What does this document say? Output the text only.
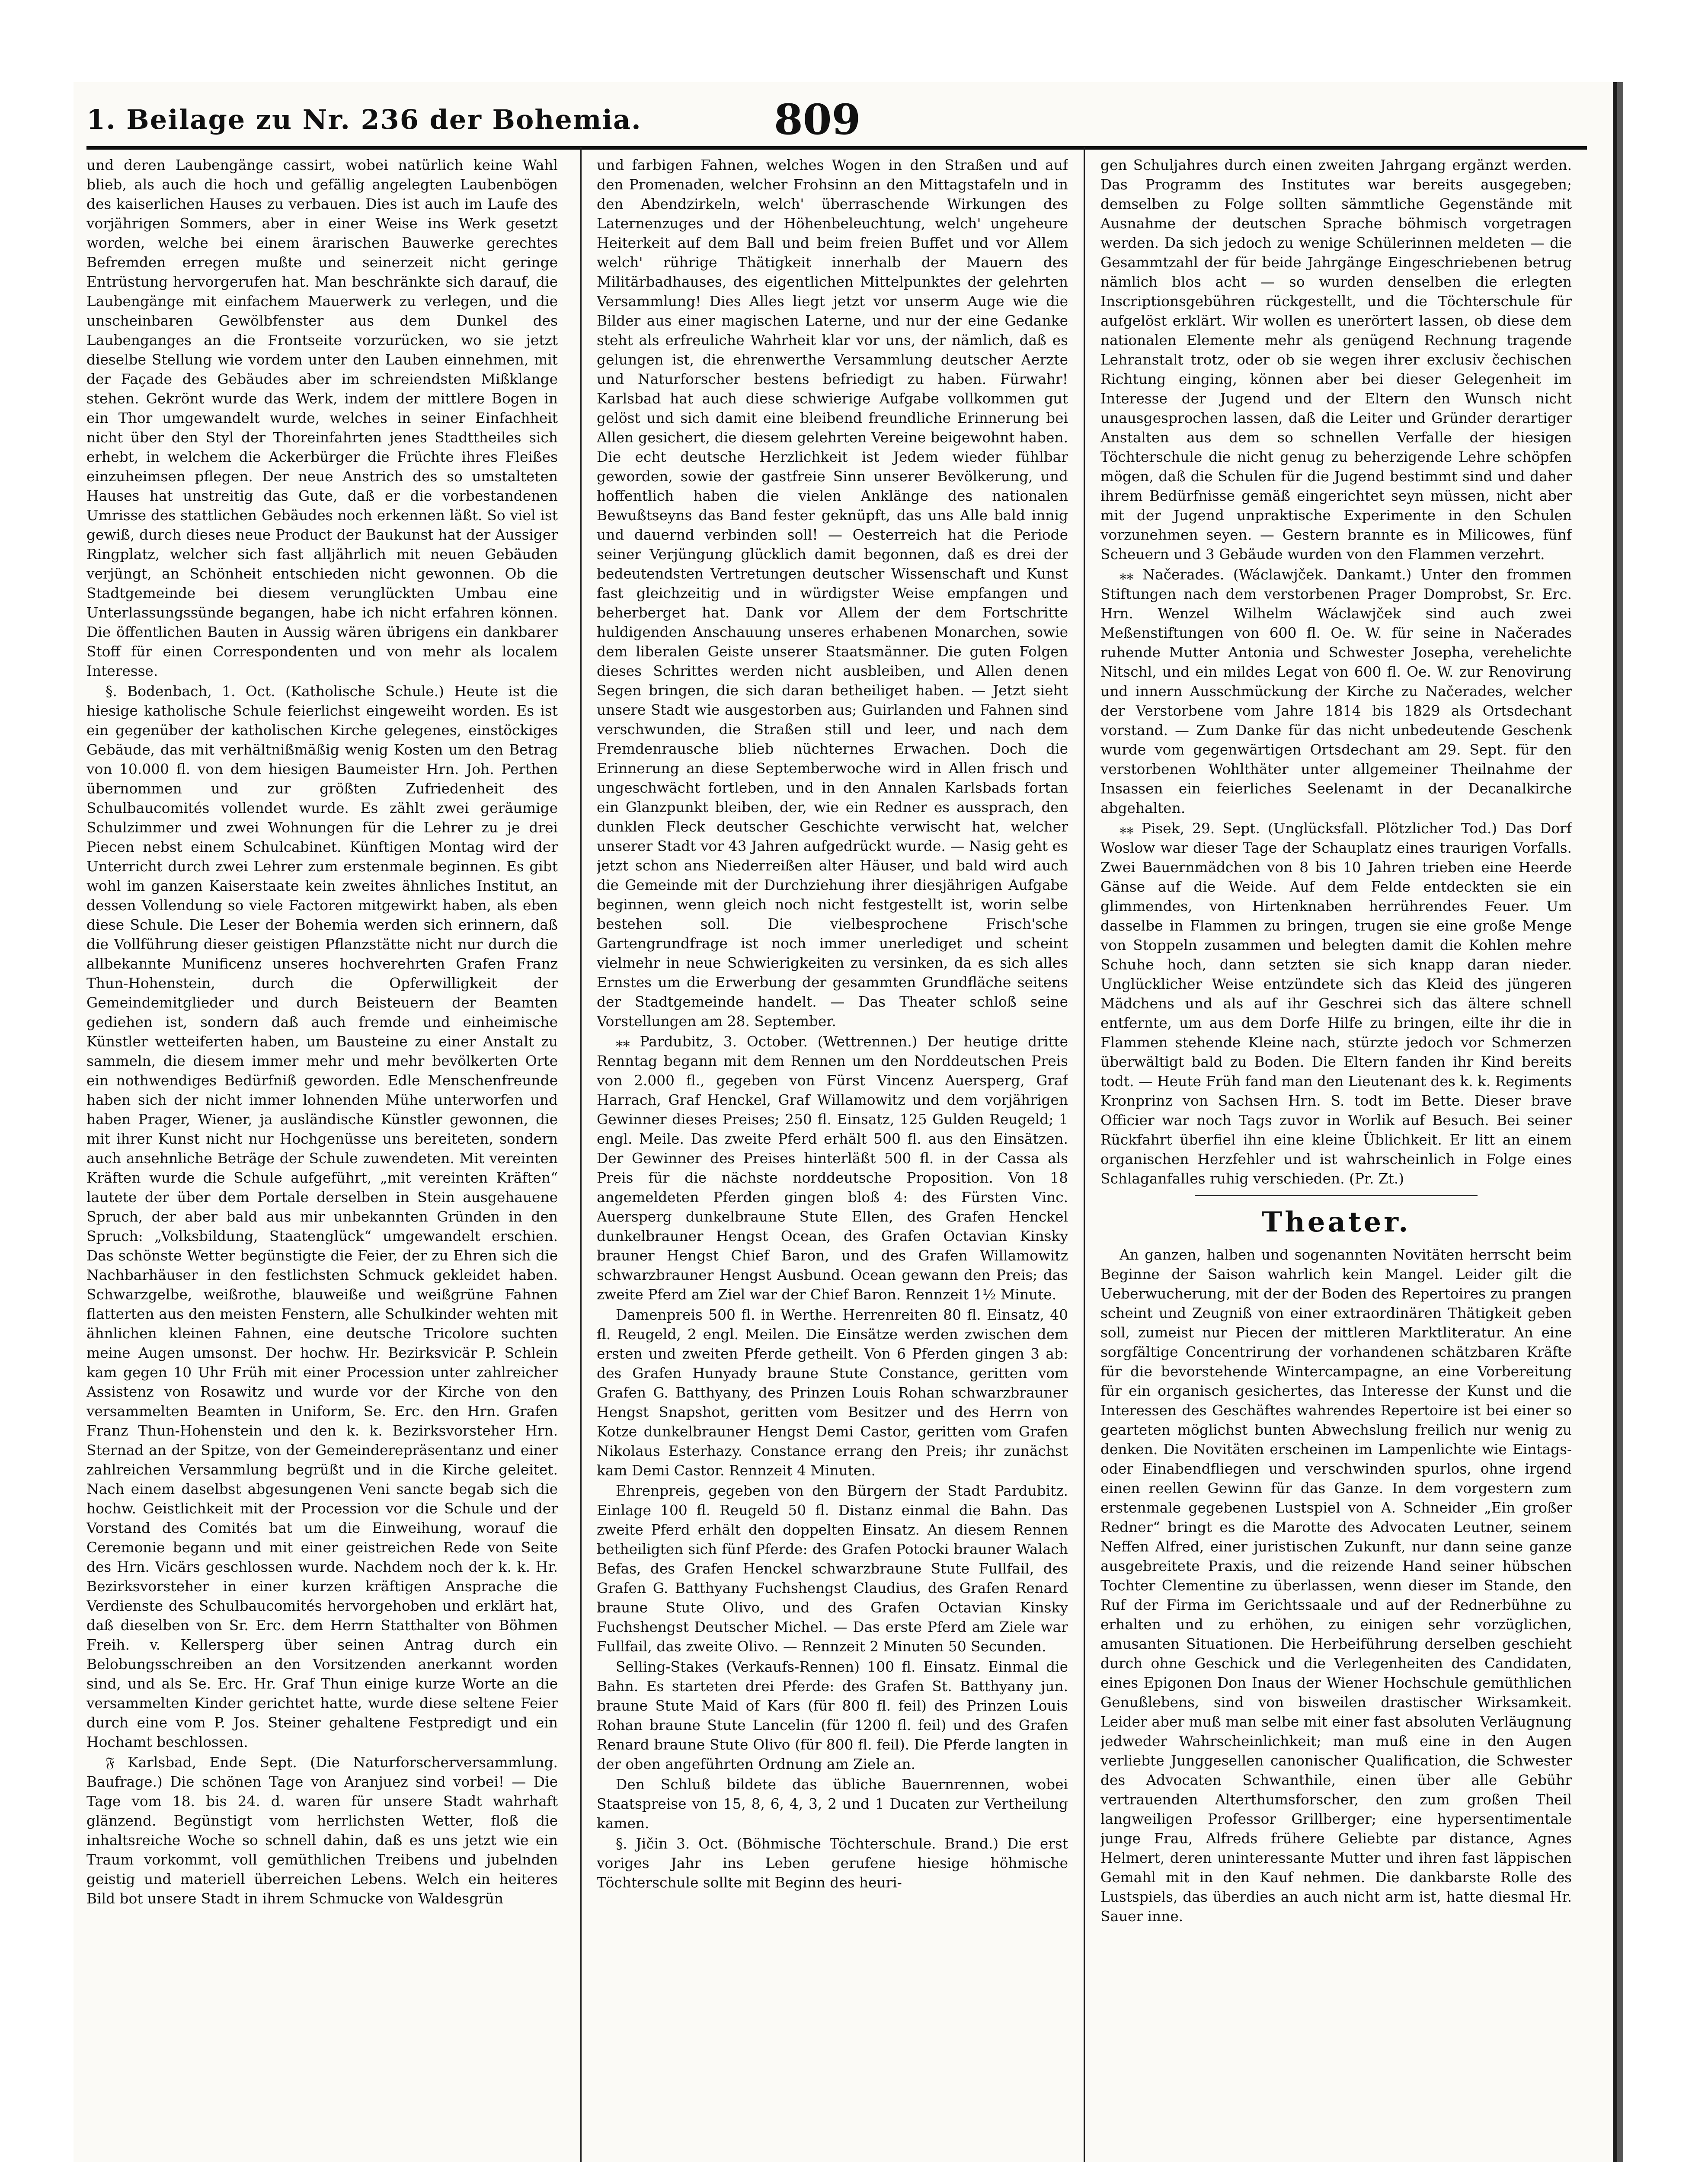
1. Beilage zu Nr. 236 der Bohemia.	809

und deren Laubengänge cassirt, wobei natürlich keine Wahl blieb, als auch die hoch und gefällig angelegten Laubenbögen des kaiserlichen Hauses zu verbauen. Dies ist auch im Laufe des vorjährigen Sommers, aber in einer Weise ins Werk gesetzt worden, welche bei einem ärarischen Bauwerke gerechtes Befremden erregen mußte und seinerzeit nicht geringe Entrüstung hervorgerufen hat. Man beschränkte sich darauf, die Laubengänge mit einfachem Mauerwerk zu verlegen, und die unscheinbaren Gewölbfenster aus dem Dunkel des Laubenganges an die Frontseite vorzurücken, wo sie jetzt dieselbe Stellung wie vordem unter den Lauben einnehmen, mit der Façade des Gebäudes aber im schreiendsten Mißklange stehen. Gekrönt wurde das Werk, indem der mittlere Bogen in ein Thor umgewandelt wurde, welches in seiner Einfachheit nicht über den Styl der Thoreinfahrten jenes Stadttheiles sich erhebt, in welchem die Ackerbürger die Früchte ihres Fleißes einzuheimsen pflegen. Der neue Anstrich des so umstalteten Hauses hat unstreitig das Gute, daß er die vorbestandenen Umrisse des stattlichen Gebäudes noch erkennen läßt. So viel ist gewiß, durch dieses neue Product der Baukunst hat der Aussiger Ringplatz, welcher sich fast alljährlich mit neuen Gebäuden verjüngt, an Schönheit entschieden nicht gewonnen. Ob die Stadtgemeinde bei diesem verunglückten Umbau eine Unterlassungssünde begangen, habe ich nicht erfahren können. Die öffentlichen Bauten in Aussig wären übrigens ein dankbarer Stoff für einen Correspondenten und von mehr als localem Interesse.

§. Bodenbach, 1. Oct. (Katholische Schule.) Heute ist die hiesige katholische Schule feierlichst eingeweiht worden. Es ist ein gegenüber der katholischen Kirche gelegenes, einstöckiges Gebäude, das mit verhältnißmäßig wenig Kosten um den Betrag von 10.000 fl. von dem hiesigen Baumeister Hrn. Joh. Perthen übernommen und zur größten Zufriedenheit des Schulbaucomités vollendet wurde. Es zählt zwei geräumige Schulzimmer und zwei Wohnungen für die Lehrer zu je drei Piecen nebst einem Schulcabinet. Künftigen Montag wird der Unterricht durch zwei Lehrer zum erstenmale beginnen. Es gibt wohl im ganzen Kaiserstaate kein zweites ähnliches Institut, an dessen Vollendung so viele Factoren mitgewirkt haben, als eben diese Schule. Die Leser der Bohemia werden sich erinnern, daß die Vollführung dieser geistigen Pflanzstätte nicht nur durch die allbekannte Munificenz unseres hochverehrten Grafen Franz Thun-Hohenstein, durch die Opferwilligkeit der Gemeindemitglieder und durch Beisteuern der Beamten gediehen ist, sondern daß auch fremde und einheimische Künstler wetteiferten haben, um Bausteine zu einer Anstalt zu sammeln, die diesem immer mehr und mehr bevölkerten Orte ein nothwendiges Bedürfniß geworden. Edle Menschenfreunde haben sich der nicht immer lohnenden Mühe unterworfen und haben Prager, Wiener, ja ausländische Künstler gewonnen, die mit ihrer Kunst nicht nur Hochgenüsse uns bereiteten, sondern auch ansehnliche Beträge der Schule zuwendeten. Mit vereinten Kräften wurde die Schule aufgeführt, „mit vereinten Kräften“ lautete der über dem Portale derselben in Stein ausgehauene Spruch, der aber bald aus mir unbekannten Gründen in den Spruch: „Volksbildung, Staatenglück“ umgewandelt erschien. Das schönste Wetter begünstigte die Feier, der zu Ehren sich die Nachbarhäuser in den festlichsten Schmuck gekleidet haben. Schwarzgelbe, weißrothe, blauweiße und weißgrüne Fahnen flatterten aus den meisten Fenstern, alle Schulkinder wehten mit ähnlichen kleinen Fahnen, eine deutsche Tricolore suchten meine Augen umsonst. Der hochw. Hr. Bezirksvicär P. Schlein kam gegen 10 Uhr Früh mit einer Procession unter zahlreicher Assistenz von Rosawitz und wurde vor der Kirche von den versammelten Beamten in Uniform, Se. Erc. den Hrn. Grafen Franz Thun-Hohenstein und den k. k. Bezirksvorsteher Hrn. Sternad an der Spitze, von der Gemeinderepräsentanz und einer zahlreichen Versammlung begrüßt und in die Kirche geleitet. Nach einem daselbst abgesungenen Veni sancte begab sich die hochw. Geistlichkeit mit der Procession vor die Schule und der Vorstand des Comités bat um die Einweihung, worauf die Ceremonie begann und mit einer geistreichen Rede von Seite des Hrn. Vicärs geschlossen wurde. Nachdem noch der k. k. Hr. Bezirksvorsteher in einer kurzen kräftigen Ansprache die Verdienste des Schulbaucomités hervorgehoben und erklärt hat, daß dieselben von Sr. Erc. dem Herrn Statthalter von Böhmen Freih. v. Kellersperg über seinen Antrag durch ein Belobungsschreiben an den Vorsitzenden anerkannt worden sind, und als Se. Erc. Hr. Graf Thun einige kurze Worte an die versammelten Kinder gerichtet hatte, wurde diese seltene Feier durch eine vom P. Jos. Steiner gehaltene Festpredigt und ein Hochamt beschlossen.

𝔉 Karlsbad, Ende Sept. (Die Naturforscherversammlung. Baufrage.) Die schönen Tage von Aranjuez sind vorbei! — Die Tage vom 18. bis 24. d. waren für unsere Stadt wahrhaft glänzend. Begünstigt vom herrlichsten Wetter, floß die inhaltsreiche Woche so schnell dahin, daß es uns jetzt wie ein Traum vorkommt, voll gemüthlichen Treibens und jubelnden geistig und materiell überreichen Lebens. Welch ein heiteres Bild bot unsere Stadt in ihrem Schmucke von Waldesgrün

und farbigen Fahnen, welches Wogen in den Straßen und auf den Promenaden, welcher Frohsinn an den Mittagstafeln und in den Abendzirkeln, welch' überraschende Wirkungen des Laternenzuges und der Höhenbeleuchtung, welch' ungeheure Heiterkeit auf dem Ball und beim freien Buffet und vor Allem welch' rührige Thätigkeit innerhalb der Mauern des Militärbadhauses, des eigentlichen Mittelpunktes der gelehrten Versammlung! Dies Alles liegt jetzt vor unserm Auge wie die Bilder aus einer magischen Laterne, und nur der eine Gedanke steht als erfreuliche Wahrheit klar vor uns, der nämlich, daß es gelungen ist, die ehrenwerthe Versammlung deutscher Aerzte und Naturforscher bestens befriedigt zu haben. Fürwahr! Karlsbad hat auch diese schwierige Aufgabe vollkommen gut gelöst und sich damit eine bleibend freundliche Erinnerung bei Allen gesichert, die diesem gelehrten Vereine beigewohnt haben. Die echt deutsche Herzlichkeit ist Jedem wieder fühlbar geworden, sowie der gastfreie Sinn unserer Bevölkerung, und hoffentlich haben die vielen Anklänge des nationalen Bewußtseyns das Band fester geknüpft, das uns Alle bald innig und dauernd verbinden soll! — Oesterreich hat die Periode seiner Verjüngung glücklich damit begonnen, daß es drei der bedeutendsten Vertretungen deutscher Wissenschaft und Kunst fast gleichzeitig und in würdigster Weise empfangen und beherberget hat. Dank vor Allem der dem Fortschritte huldigenden Anschauung unseres erhabenen Monarchen, sowie dem liberalen Geiste unserer Staatsmänner. Die guten Folgen dieses Schrittes werden nicht ausbleiben, und Allen denen Segen bringen, die sich daran betheiliget haben. — Jetzt sieht unsere Stadt wie ausgestorben aus; Guirlanden und Fahnen sind verschwunden, die Straßen still und leer, und nach dem Fremdenrausche blieb nüchternes Erwachen. Doch die Erinnerung an diese Septemberwoche wird in Allen frisch und ungeschwächt fortleben, und in den Annalen Karlsbads fortan ein Glanzpunkt bleiben, der, wie ein Redner es aussprach, den dunklen Fleck deutscher Geschichte verwischt hat, welcher unserer Stadt vor 43 Jahren aufgedrückt wurde. — Nasig geht es jetzt schon ans Niederreißen alter Häuser, und bald wird auch die Gemeinde mit der Durchziehung ihrer diesjährigen Aufgabe beginnen, wenn gleich noch nicht festgestellt ist, worin selbe bestehen soll. Die vielbesprochene Frisch'sche Gartengrundfrage ist noch immer unerlediget und scheint vielmehr in neue Schwierigkeiten zu versinken, da es sich alles Ernstes um die Erwerbung der gesammten Grundfläche seitens der Stadtgemeinde handelt. — Das Theater schloß seine Vorstellungen am 28. September.

⁎⁎ Pardubitz, 3. October. (Wettrennen.) Der heutige dritte Renntag begann mit dem Rennen um den Norddeutschen Preis von 2.000 fl., gegeben von Fürst Vincenz Auersperg, Graf Harrach, Graf Henckel, Graf Willamowitz und dem vorjährigen Gewinner dieses Preises; 250 fl. Einsatz, 125 Gulden Reugeld; 1 engl. Meile. Das zweite Pferd erhält 500 fl. aus den Einsätzen. Der Gewinner des Preises hinterläßt 500 fl. in der Cassa als Preis für die nächste norddeutsche Proposition. Von 18 angemeldeten Pferden gingen bloß 4: des Fürsten Vinc. Auersperg dunkelbraune Stute Ellen, des Grafen Henckel dunkelbrauner Hengst Ocean, des Grafen Octavian Kinsky brauner Hengst Chief Baron, und des Grafen Willamowitz schwarzbrauner Hengst Ausbund. Ocean gewann den Preis; das zweite Pferd am Ziel war der Chief Baron. Rennzeit 1½ Minute.

Damenpreis 500 fl. in Werthe. Herrenreiten 80 fl. Einsatz, 40 fl. Reugeld, 2 engl. Meilen. Die Einsätze werden zwischen dem ersten und zweiten Pferde getheilt. Von 6 Pferden gingen 3 ab: des Grafen Hunyady braune Stute Constance, geritten vom Grafen G. Batthyany, des Prinzen Louis Rohan schwarzbrauner Hengst Snapshot, geritten vom Besitzer und des Herrn von Kotze dunkelbrauner Hengst Demi Castor, geritten vom Grafen Nikolaus Esterhazy. Constance errang den Preis; ihr zunächst kam Demi Castor. Rennzeit 4 Minuten.

Ehrenpreis, gegeben von den Bürgern der Stadt Pardubitz. Einlage 100 fl. Reugeld 50 fl. Distanz einmal die Bahn. Das zweite Pferd erhält den doppelten Einsatz. An diesem Rennen betheiligten sich fünf Pferde: des Grafen Potocki brauner Walach Befas, des Grafen Henckel schwarzbraune Stute Fullfail, des Grafen G. Batthyany Fuchshengst Claudius, des Grafen Renard braune Stute Olivo, und des Grafen Octavian Kinsky Fuchshengst Deutscher Michel. — Das erste Pferd am Ziele war Fullfail, das zweite Olivo. — Rennzeit 2 Minuten 50 Secunden.

Selling-Stakes (Verkaufs-Rennen) 100 fl. Einsatz. Einmal die Bahn. Es starteten drei Pferde: des Grafen St. Batthyany jun. braune Stute Maid of Kars (für 800 fl. feil) des Prinzen Louis Rohan braune Stute Lancelin (für 1200 fl. feil) und des Grafen Renard braune Stute Olivo (für 800 fl. feil). Die Pferde langten in der oben angeführten Ordnung am Ziele an.

Den Schluß bildete das übliche Bauernrennen, wobei Staatspreise von 15, 8, 6, 4, 3, 2 und 1 Ducaten zur Vertheilung kamen.

§. Jičin 3. Oct. (Böhmische Töchterschule. Brand.) Die erst voriges Jahr ins Leben gerufene hiesige höhmische Töchterschule sollte mit Beginn des heuri-

gen Schuljahres durch einen zweiten Jahrgang ergänzt werden. Das Programm des Institutes war bereits ausgegeben; demselben zu Folge sollten sämmtliche Gegenstände mit Ausnahme der deutschen Sprache böhmisch vorgetragen werden. Da sich jedoch zu wenige Schülerinnen meldeten — die Gesammtzahl der für beide Jahrgänge Eingeschriebenen betrug nämlich blos acht — so wurden denselben die erlegten Inscriptionsgebühren rückgestellt, und die Töchterschule für aufgelöst erklärt. Wir wollen es unerörtert lassen, ob diese dem nationalen Elemente mehr als genügend Rechnung tragende Lehranstalt trotz, oder ob sie wegen ihrer exclusiv čechischen Richtung einging, können aber bei dieser Gelegenheit im Interesse der Jugend und der Eltern den Wunsch nicht unausgesprochen lassen, daß die Leiter und Gründer derartiger Anstalten aus dem so schnellen Verfalle der hiesigen Töchterschule die nicht genug zu beherzigende Lehre schöpfen mögen, daß die Schulen für die Jugend bestimmt sind und daher ihrem Bedürfnisse gemäß eingerichtet seyn müssen, nicht aber mit der Jugend unpraktische Experimente in den Schulen vorzunehmen seyen. — Gestern brannte es in Milicowes, fünf Scheuern und 3 Gebäude wurden von den Flammen verzehrt.

⁎⁎ Načerades. (Wáclawjček. Dankamt.) Unter den frommen Stiftungen nach dem verstorbenen Prager Domprobst, Sr. Erc. Hrn. Wenzel Wilhelm Wáclawjček sind auch zwei Meßenstiftungen von 600 fl. Oe. W. für seine in Načerades ruhende Mutter Antonia und Schwester Josepha, verehelichte Nitschl, und ein mildes Legat von 600 fl. Oe. W. zur Renovirung und innern Ausschmückung der Kirche zu Načerades, welcher der Verstorbene vom Jahre 1814 bis 1829 als Ortsdechant vorstand. — Zum Danke für das nicht unbedeutende Geschenk wurde vom gegenwärtigen Ortsdechant am 29. Sept. für den verstorbenen Wohlthäter unter allgemeiner Theilnahme der Insassen ein feierliches Seelenamt in der Decanalkirche abgehalten.

⁎⁎ Pisek, 29. Sept. (Unglücksfall. Plötzlicher Tod.) Das Dorf Woslow war dieser Tage der Schauplatz eines traurigen Vorfalls. Zwei Bauernmädchen von 8 bis 10 Jahren trieben eine Heerde Gänse auf die Weide. Auf dem Felde entdeckten sie ein glimmendes, von Hirtenknaben herrührendes Feuer. Um dasselbe in Flammen zu bringen, trugen sie eine große Menge von Stoppeln zusammen und belegten damit die Kohlen mehre Schuhe hoch, dann setzten sie sich knapp daran nieder. Unglücklicher Weise entzündete sich das Kleid des jüngeren Mädchens und als auf ihr Geschrei sich das ältere schnell entfernte, um aus dem Dorfe Hilfe zu bringen, eilte ihr die in Flammen stehende Kleine nach, stürzte jedoch vor Schmerzen überwältigt bald zu Boden. Die Eltern fanden ihr Kind bereits todt. — Heute Früh fand man den Lieutenant des k. k. Regiments Kronprinz von Sachsen Hrn. S. todt im Bette. Dieser brave Officier war noch Tags zuvor in Worlik auf Besuch. Bei seiner Rückfahrt überfiel ihn eine kleine Üblichkeit. Er litt an einem organischen Herzfehler und ist wahrscheinlich in Folge eines Schlaganfalles ruhig verschieden. (Pr. Zt.)

Theater.

An ganzen, halben und sogenannten Novitäten herrscht beim Beginne der Saison wahrlich kein Mangel. Leider gilt die Ueberwucherung, mit der der Boden des Repertoires zu prangen scheint und Zeugniß von einer extraordinären Thätigkeit geben soll, zumeist nur Piecen der mittleren Marktliteratur. An eine sorgfältige Concentrirung der vorhandenen schätzbaren Kräfte für die bevorstehende Wintercampagne, an eine Vorbereitung für ein organisch gesichertes, das Interesse der Kunst und die Interessen des Geschäftes wahrendes Repertoire ist bei einer so gearteten möglichst bunten Abwechslung freilich nur wenig zu denken. Die Novitäten erscheinen im Lampenlichte wie Eintags- oder Einabendfliegen und verschwinden spurlos, ohne irgend einen reellen Gewinn für das Ganze. In dem vorgestern zum erstenmale gegebenen Lustspiel von A. Schneider „Ein großer Redner“ bringt es die Marotte des Advocaten Leutner, seinem Neffen Alfred, einer juristischen Zukunft, nur dann seine ganze ausgebreitete Praxis, und die reizende Hand seiner hübschen Tochter Clementine zu überlassen, wenn dieser im Stande, den Ruf der Firma im Gerichtssaale und auf der Rednerbühne zu erhalten und zu erhöhen, zu einigen sehr vorzüglichen, amusanten Situationen. Die Herbeiführung derselben geschieht durch ohne Geschick und die Verlegenheiten des Candidaten, eines Epigonen Don Inaus der Wiener Hochschule gemüthlichen Genußlebens, sind von bisweilen drastischer Wirksamkeit. Leider aber muß man selbe mit einer fast absoluten Verläugnung jedweder Wahrscheinlichkeit; man muß eine in den Augen verliebte Junggesellen canonischer Qualification, die Schwester des Advocaten Schwanthile, einen über alle Gebühr vertrauenden Alterthumsforscher, den zum großen Theil langweiligen Professor Grillberger; eine hypersentimentale junge Frau, Alfreds frühere Geliebte par distance, Agnes Helmert, deren uninteressante Mutter und ihren fast läppischen Gemahl mit in den Kauf nehmen. Die dankbarste Rolle des Lustspiels, das überdies an auch nicht arm ist, hatte diesmal Hr. Sauer inne.
